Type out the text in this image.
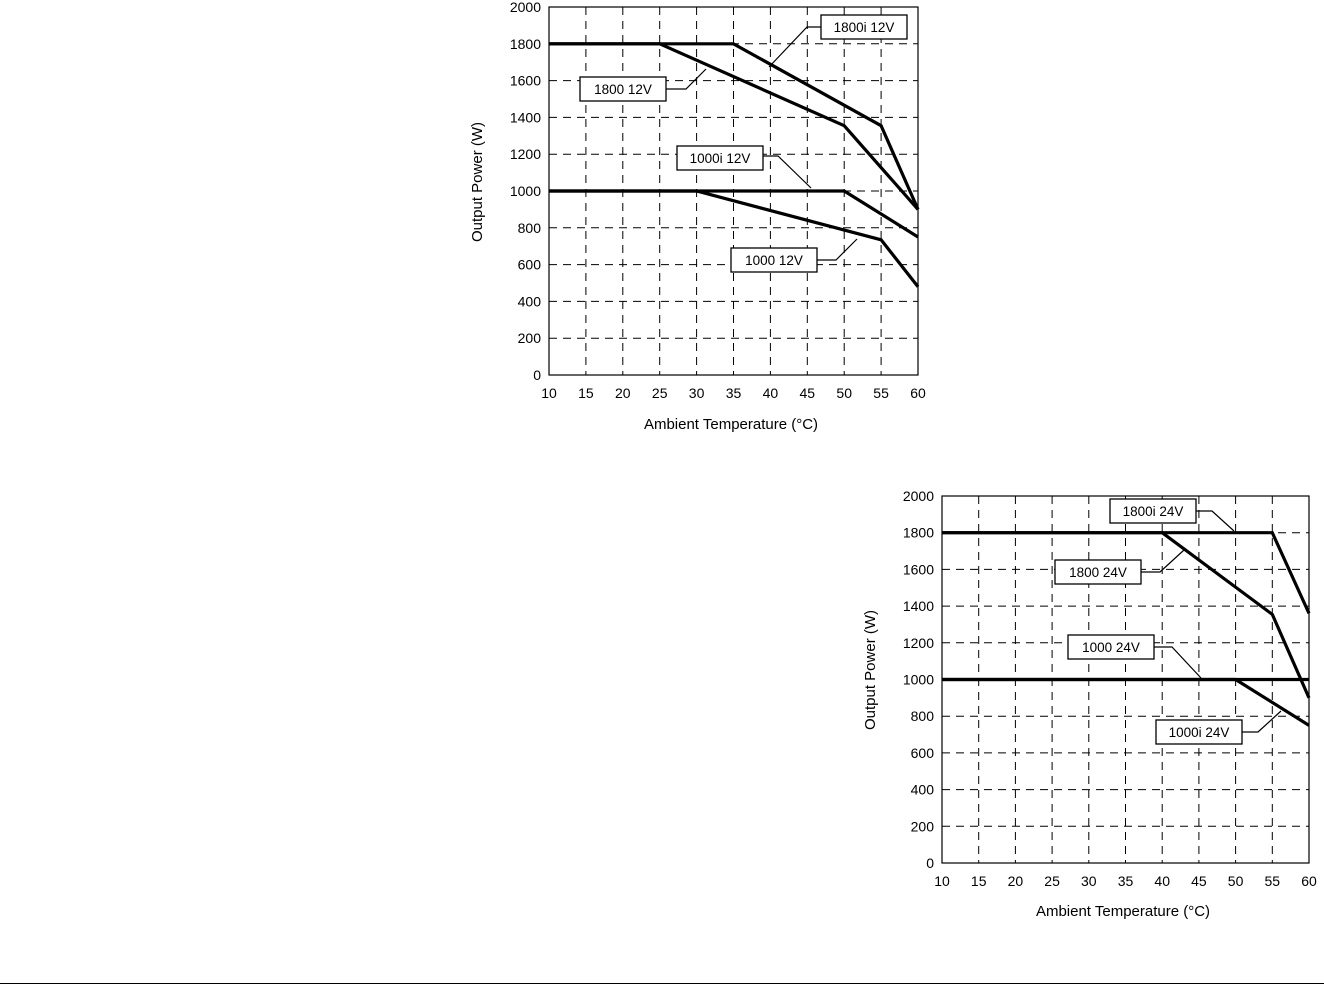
10 15 20 25 30 35 40 45 50 55 60
0
200
400
600
800
1000
1200
1400
1600
1800
2000
Ambient Temperature (°C)
Output Power (W)
1800i 12V
1800 12V
1000i 12V
1000 12V
10 15 20 25 30 35 40 45 50 55 60
0
200
400
600
800
1000
1200
1400
1600
1800
2000
Ambient Temperature (°C)
Output Power (W)
1800i 24V
1800 24V
1000 24V
1000i 24V
